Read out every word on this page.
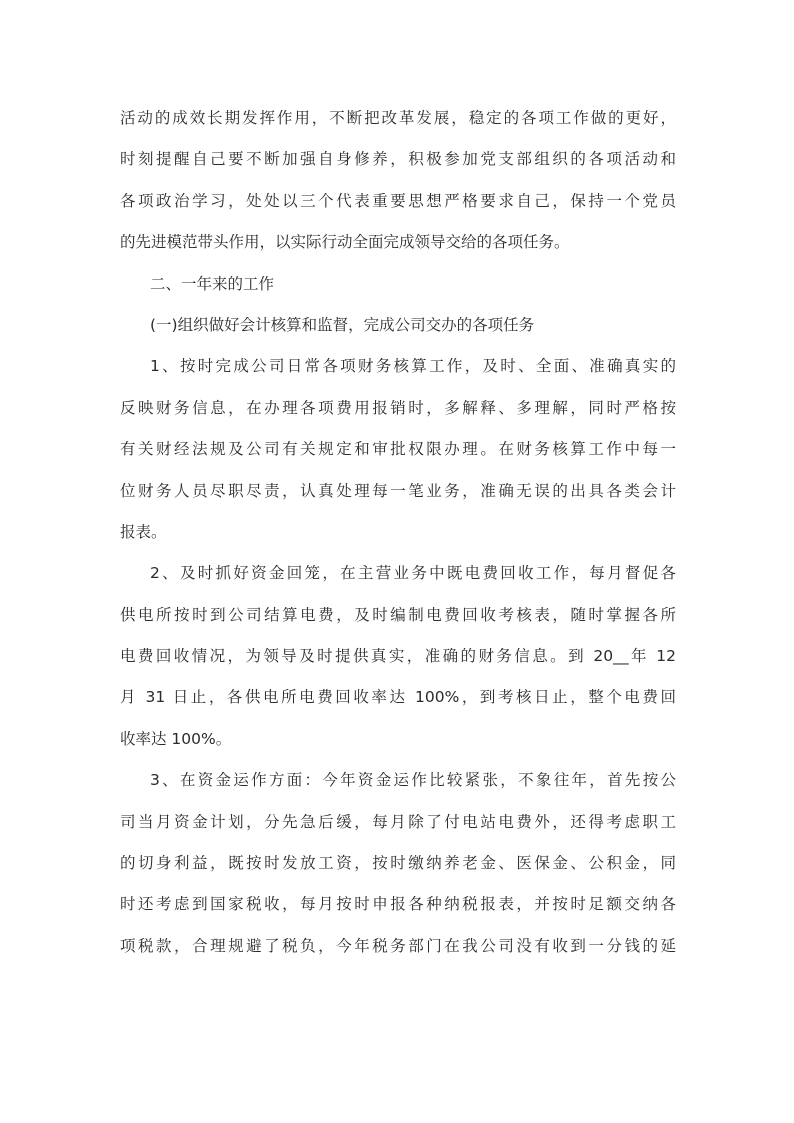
活动的成效长期发挥作用，不断把改革发展，稳定的各项工作做的更好，
时刻提醒自己要不断加强自身修养，积极参加党支部组织的各项活动和
各项政治学习，处处以三个代表重要思想严格要求自己，保持一个党员
的先进模范带头作用，以实际行动全面完成领导交给的各项任务。
二、一年来的工作
(一)组织做好会计核算和监督，完成公司交办的各项任务
1、按时完成公司日常各项财务核算工作，及时、全面、准确真实的
反映财务信息，在办理各项费用报销时，多解释、多理解，同时严格按
有关财经法规及公司有关规定和审批权限办理。在财务核算工作中每一
位财务人员尽职尽责，认真处理每一笔业务，准确无误的出具各类会计
报表。
2、及时抓好资金回笼，在主营业务中既电费回收工作，每月督促各
供电所按时到公司结算电费，及时编制电费回收考核表，随时掌握各所
电费回收情况，为领导及时提供真实，准确的财务信息。到 20__年 12
月 31 日止，各供电所电费回收率达 100%，到考核日止，整个电费回
收率达 100%。
3、在资金运作方面：今年资金运作比较紧张，不象往年，首先按公
司当月资金计划，分先急后缓，每月除了付电站电费外，还得考虑职工
的切身利益，既按时发放工资，按时缴纳养老金、医保金、公积金，同
时还考虑到国家税收，每月按时申报各种纳税报表，并按时足额交纳各
项税款，合理规避了税负，今年税务部门在我公司没有收到一分钱的延
